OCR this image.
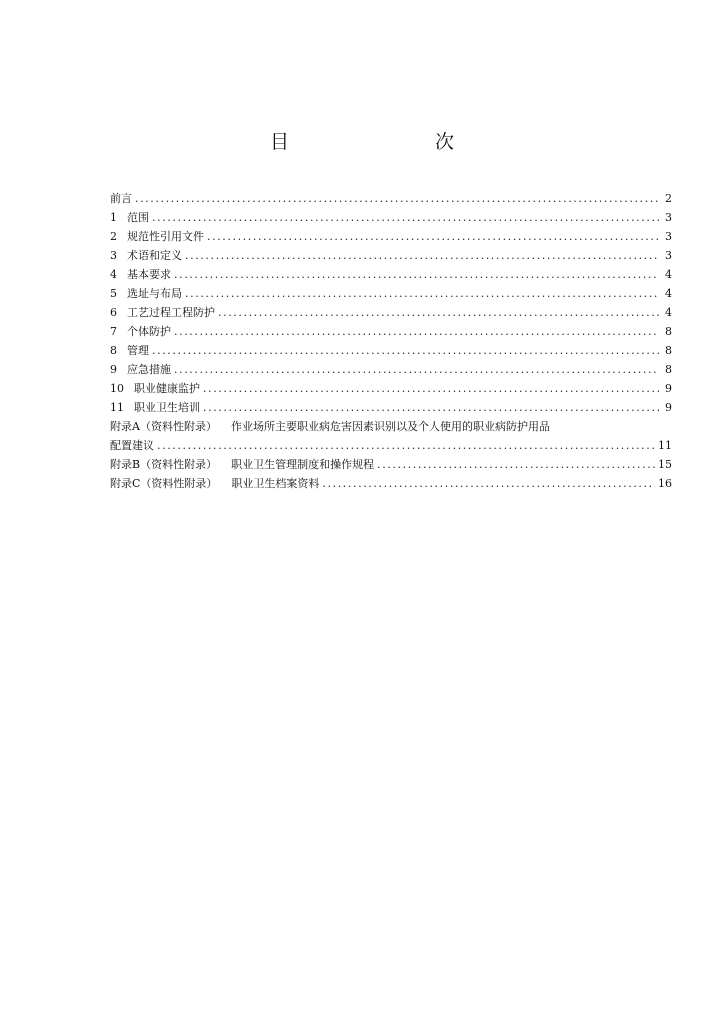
目　　次
前言 .....	2
1 范围 .....	3
2 规范性引用文件 .....	3
3 术语和定义 .....	3
4 基本要求 .....	4
5 选址与布局 .....	4
6 工艺过程工程防护 .....	4
7 个体防护 .....	8
8 管理 .....	8
9 应急措施 .....	8
10 职业健康监护 .....	9
11 职业卫生培训 .....	9
附录A（资料性附录） 作业场所主要职业病危害因素识别以及个人使用的职业病防护用品
配置建议 .....	11
附录B（资料性附录） 职业卫生管理制度和操作规程 .....	15
附录C（资料性附录） 职业卫生档案资料 .....	16
